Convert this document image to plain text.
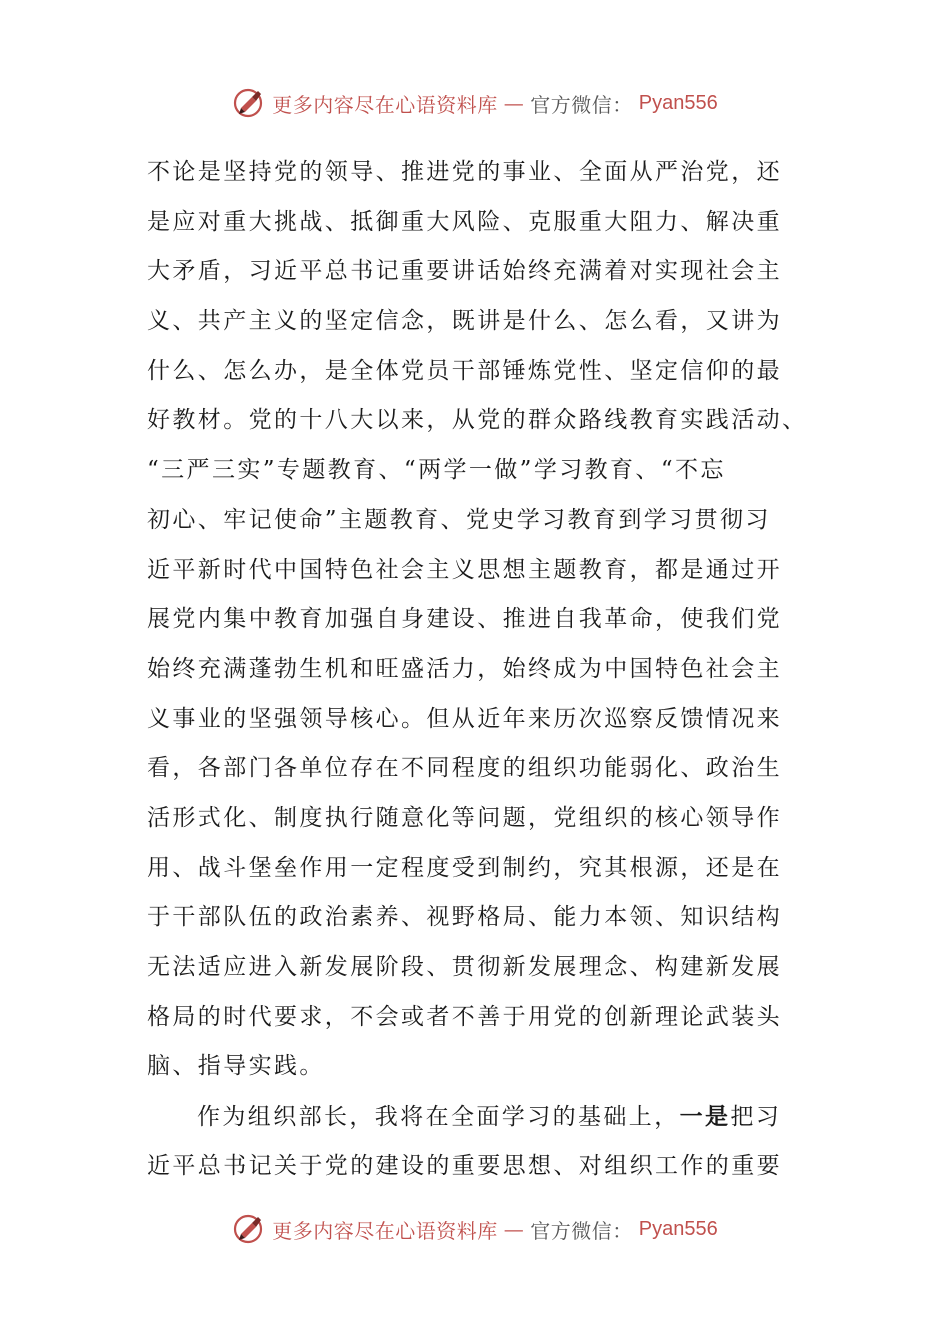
更多内容尽在心语资料库 — 官方微信： Pyan556
不论是坚持党的领导、推进党的事业、全面从严治党，还
是应对重大挑战、抵御重大风险、克服重大阻力、解决重
大矛盾，习近平总书记重要讲话始终充满着对实现社会主
义、共产主义的坚定信念，既讲是什么、怎么看，又讲为
什么、怎么办，是全体党员干部锤炼党性、坚定信仰的最
好教材。党的十八大以来，从党的群众路线教育实践活动、
“三严三实”专题教育、“两学一做”学习教育、“不忘
初心、牢记使命”主题教育、党史学习教育到学习贯彻习
近平新时代中国特色社会主义思想主题教育，都是通过开
展党内集中教育加强自身建设、推进自我革命，使我们党
始终充满蓬勃生机和旺盛活力，始终成为中国特色社会主
义事业的坚强领导核心。但从近年来历次巡察反馈情况来
看，各部门各单位存在不同程度的组织功能弱化、政治生
活形式化、制度执行随意化等问题，党组织的核心领导作
用、战斗堡垒作用一定程度受到制约，究其根源，还是在
于干部队伍的政治素养、视野格局、能力本领、知识结构
无法适应进入新发展阶段、贯彻新发展理念、构建新发展
格局的时代要求，不会或者不善于用党的创新理论武装头
脑、指导实践。
作为组织部长，我将在全面学习的基础上，一是把习
近平总书记关于党的建设的重要思想、对组织工作的重要
更多内容尽在心语资料库 — 官方微信： Pyan556
